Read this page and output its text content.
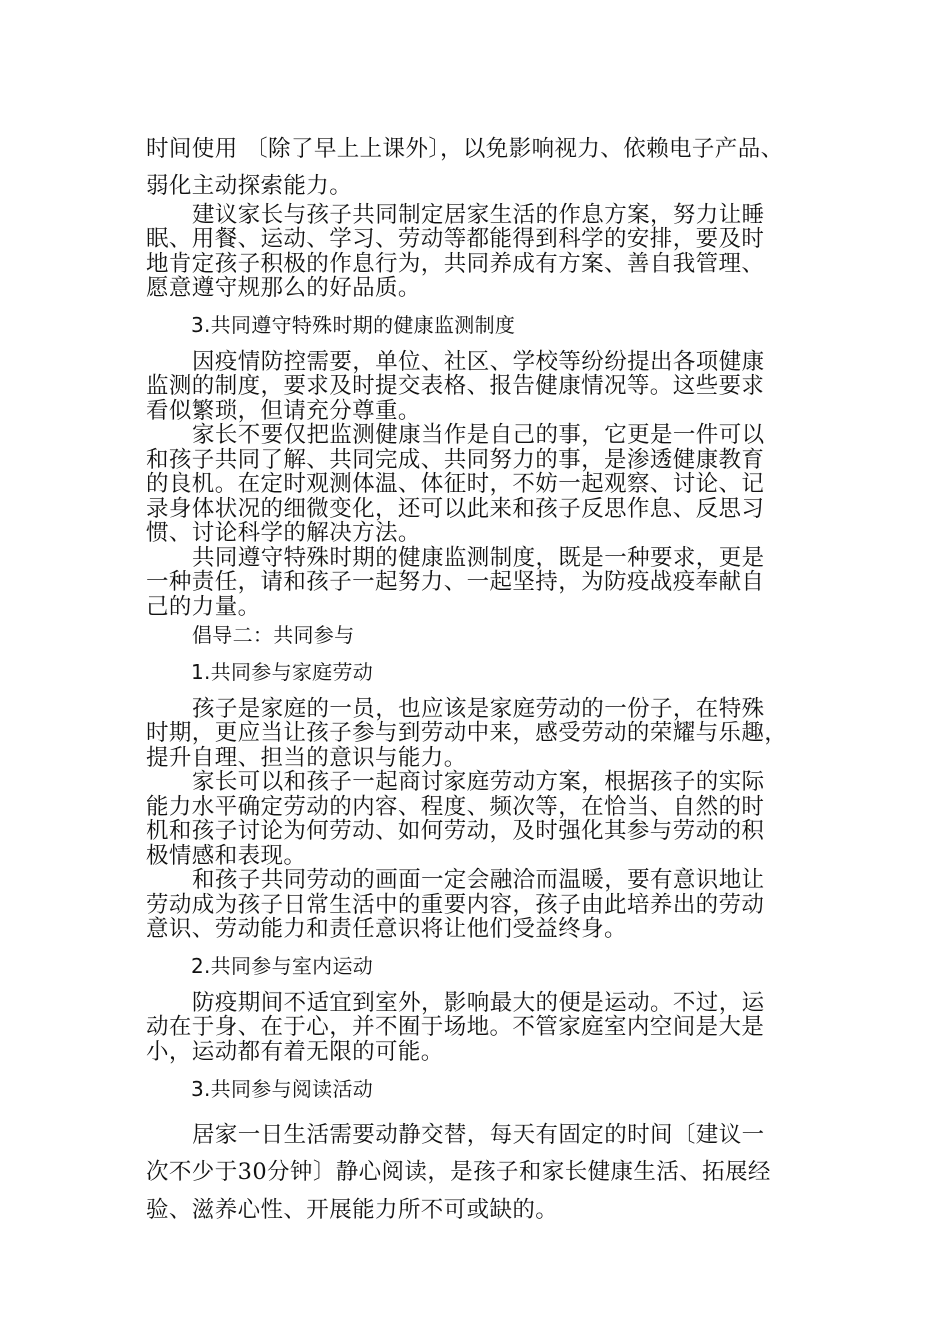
时间使用 〔除了早上上课外〕，以免影响视力、依赖电子产品、
弱化主动探索能力。
建议家长与孩子共同制定居家生活的作息方案，努力让睡
眠、用餐、运动、学习、劳动等都能得到科学的安排，要及时
地肯定孩子积极的作息行为，共同养成有方案、善自我管理、
愿意遵守规那么的好品质。
3.共同遵守特殊时期的健康监测制度
因疫情防控需要，单位、社区、学校等纷纷提出各项健康
监测的制度，要求及时提交表格、报告健康情况等。这些要求
看似繁琐，但请充分尊重。
家长不要仅把监测健康当作是自己的事，它更是一件可以
和孩子共同了解、共同完成、共同努力的事，是渗透健康教育
的良机。在定时观测体温、体征时，不妨一起观察、讨论、记
录身体状况的细微变化，还可以此来和孩子反思作息、反思习
惯、讨论科学的解决方法。
共同遵守特殊时期的健康监测制度，既是一种要求，更是
一种责任，请和孩子一起努力、一起坚持，为防疫战疫奉献自
己的力量。
倡导二：共同参与
1.共同参与家庭劳动
孩子是家庭的一员，也应该是家庭劳动的一份子，在特殊
时期，更应当让孩子参与到劳动中来，感受劳动的荣耀与乐趣，
提升自理、担当的意识与能力。
家长可以和孩子一起商讨家庭劳动方案，根据孩子的实际
能力水平确定劳动的内容、程度、频次等，在恰当、自然的时
机和孩子讨论为何劳动、如何劳动，及时强化其参与劳动的积
极情感和表现。
和孩子共同劳动的画面一定会融洽而温暖，要有意识地让
劳动成为孩子日常生活中的重要内容，孩子由此培养出的劳动
意识、劳动能力和责任意识将让他们受益终身。
2.共同参与室内运动
防疫期间不适宜到室外，影响最大的便是运动。不过，运
动在于身、在于心，并不囿于场地。不管家庭室内空间是大是
小，运动都有着无限的可能。
3.共同参与阅读活动
居家一日生活需要动静交替，每天有固定的时间〔建议一
次不少于30分钟〕静心阅读，是孩子和家长健康生活、拓展经
验、滋养心性、开展能力所不可或缺的。
